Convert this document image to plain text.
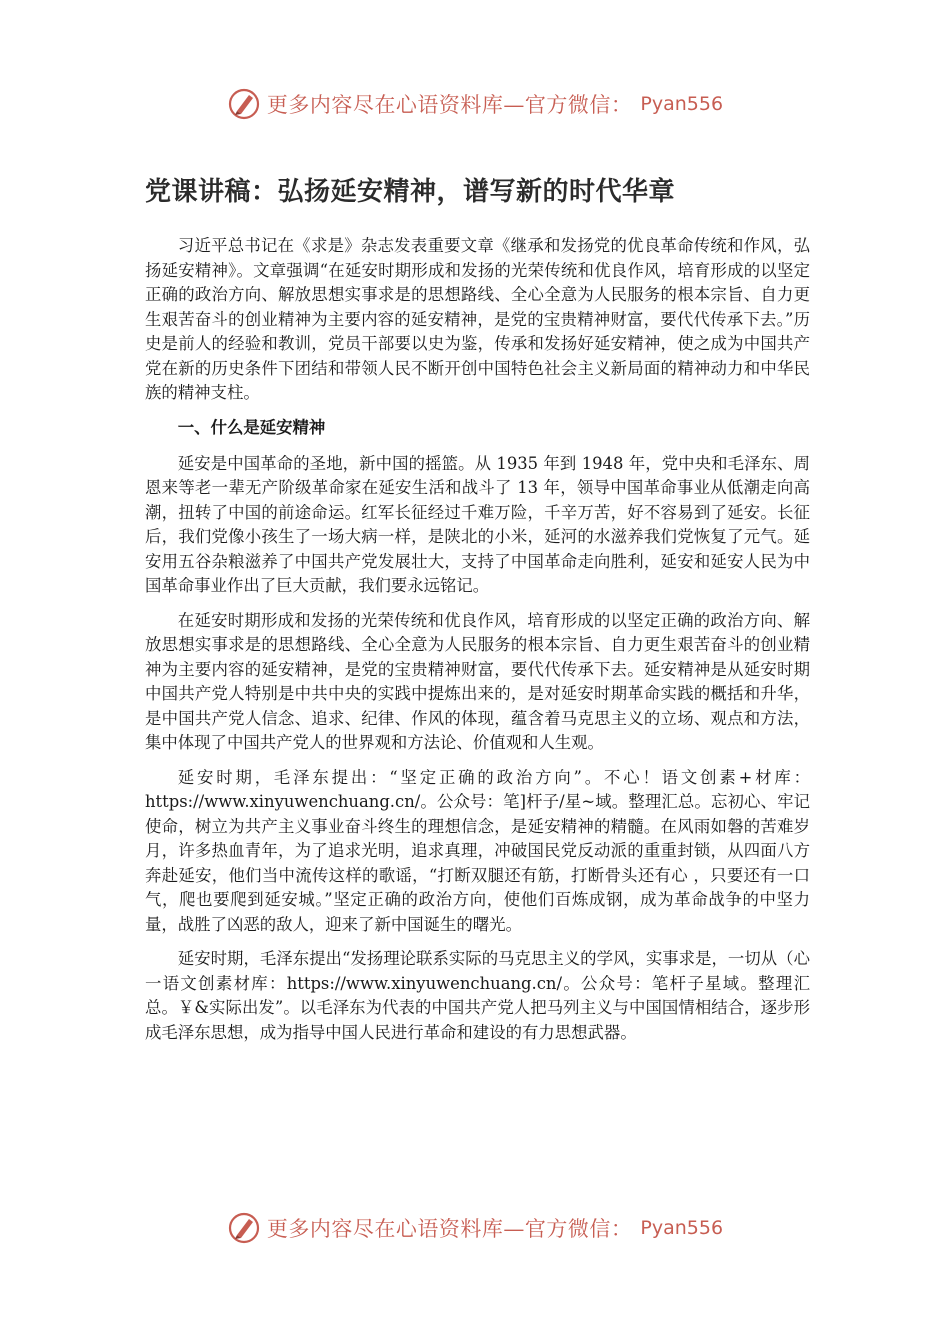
更多内容尽在心语资料库—官方微信： Pyan556
党课讲稿：弘扬延安精神，谱写新的时代华章

习近平总书记在《求是》杂志发表重要文章《继承和发扬党的优良革命传统和作风，弘扬延安精神》。文章强调“在延安时期形成和发扬的光荣传统和优良作风，培育形成的以坚定正确的政治方向、解放思想实事求是的思想路线、全心全意为人民服务的根本宗旨、自力更生艰苦奋斗的创业精神为主要内容的延安精神，是党的宝贵精神财富，要代代传承下去。”历史是前人的经验和教训，党员干部要以史为鉴，传承和发扬好延安精神，使之成为中国共产党在新的历史条件下团结和带领人民不断开创中国特色社会主义新局面的精神动力和中华民族的精神支柱。

一、什么是延安精神

延安是中国革命的圣地，新中国的摇篮。从 1935 年到 1948 年，党中央和毛泽东、周恩来等老一辈无产阶级革命家在延安生活和战斗了 13 年，领导中国革命事业从低潮走向高潮，扭转了中国的前途命运。红军长征经过千难万险，千辛万苦，好不容易到了延安。长征后，我们党像小孩生了一场大病一样，是陕北的小米，延河的水滋养我们党恢复了元气。延安用五谷杂粮滋养了中国共产党发展壮大，支持了中国革命走向胜利，延安和延安人民为中国革命事业作出了巨大贡献，我们要永远铭记。

在延安时期形成和发扬的光荣传统和优良作风，培育形成的以坚定正确的政治方向、解放思想实事求是的思想路线、全心全意为人民服务的根本宗旨、自力更生艰苦奋斗的创业精神为主要内容的延安精神，是党的宝贵精神财富，要代代传承下去。延安精神是从延安时期中国共产党人特别是中共中央的实践中提炼出来的，是对延安时期革命实践的概括和升华，是中国共产党人信念、追求、纪律、作风的体现，蕴含着马克思主义的立场、观点和方法，集中体现了中国共产党人的世界观和方法论、价值观和人生观。

延安时期，毛泽东提出：“坚定正确的政治方向”。不心！语文创素+材库：https://www.xinyuwenchuang.cn/。公众号：笔]杆子/星~域。整理汇总。忘初心、牢记使命，树立为共产主义事业奋斗终生的理想信念，是延安精神的精髓。在风雨如磐的苦难岁月，许多热血青年，为了追求光明，追求真理，冲破国民党反动派的重重封锁，从四面八方奔赴延安，他们当中流传这样的歌谣，“打断双腿还有筋，打断骨头还有心 ，只要还有一口气，爬也要爬到延安城。”坚定正确的政治方向，使他们百炼成钢，成为革命战争的中坚力量，战胜了凶恶的敌人，迎来了新中国诞生的曙光。

延安时期，毛泽东提出“发扬理论联系实际的马克思主义的学风，实事求是，一切从（心一语文创素材库：https://www.xinyuwenchuang.cn/。公众号：笔杆子星域。整理汇总。￥&实际出发”。以毛泽东为代表的中国共产党人把马列主义与中国国情相结合，逐步形成毛泽东思想，成为指导中国人民进行革命和建设的有力思想武器。

更多内容尽在心语资料库—官方微信： Pyan556
